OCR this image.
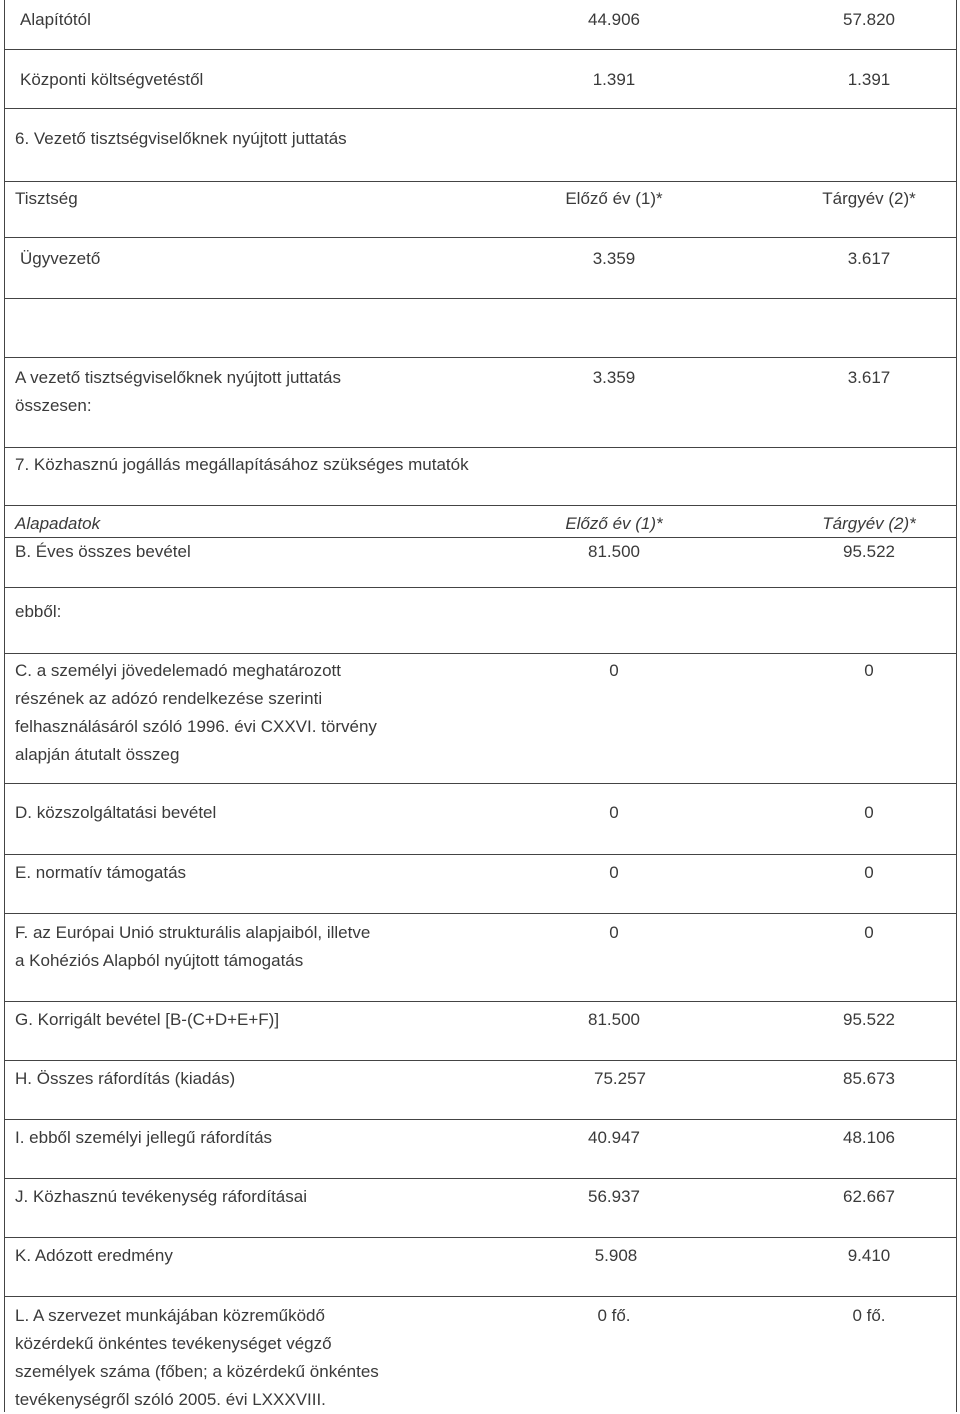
Alapítótól	44.906	57.820
Központi költségvetéstől	1.391	1.391
6. Vezető tisztségviselőknek nyújtott juttatás
Tisztség	Előző év (1)*	Tárgyév (2)*
Ügyvezető	3.359	3.617
A vezető tisztségviselőknek nyújtott juttatás
összesen:
3.359	3.617
7. Közhasznú jogállás megállapításához szükséges mutatók
Alapadatok	Előző év (1)*	Tárgyév (2)*
B. Éves összes bevétel	81.500	95.522
ebből:
C. a személyi jövedelemadó meghatározott
részének az adózó rendelkezése szerinti
felhasználásáról szóló 1996. évi CXXVI. törvény
alapján átutalt összeg
0	0
D. közszolgáltatási bevétel	0	0
E. normatív támogatás	0	0
F. az Európai Unió strukturális alapjaiból, illetve
a Kohéziós Alapból nyújtott támogatás
0	0
G. Korrigált bevétel [B-(C+D+E+F)]	81.500	95.522
H. Összes ráfordítás (kiadás)	75.257	85.673
I. ebből személyi jellegű ráfordítás	40.947	48.106
J. Közhasznú tevékenység ráfordításai	56.937	62.667
K. Adózott eredmény	5.908	9.410
L. A szervezet munkájában közreműködő
közérdekű önkéntes tevékenységet végző
személyek száma (főben; a közérdekű önkéntes
tevékenységről szóló 2005. évi LXXXVIII.
0 fő.	0 fő.
